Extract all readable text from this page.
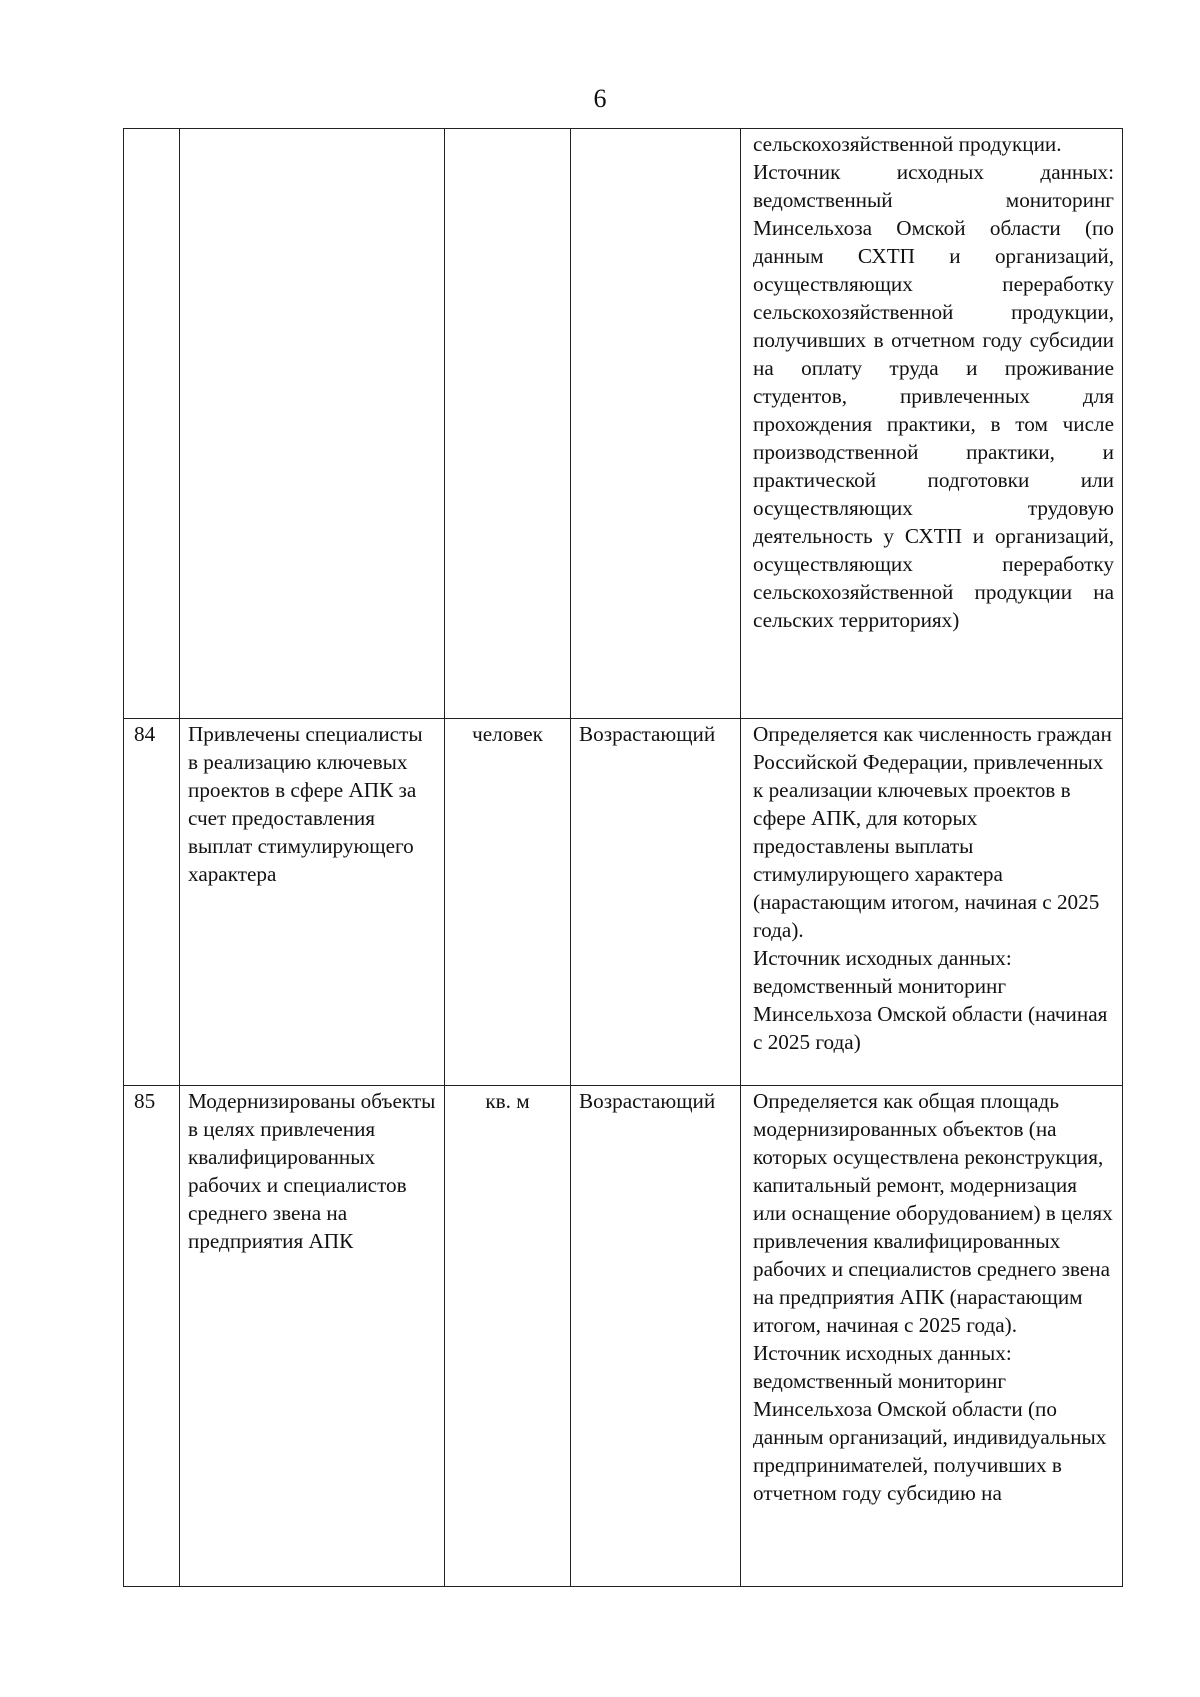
6

				сельскохозяйственной продукции.
Источник исходных данных: ведомственный мониторинг Минсельхоза Омской области (по данным СХТП и организаций, осуществляющих переработку сельскохозяйственной продукции, получивших в отчетном году субсидии на оплату труда и проживание студентов, привлеченных для прохождения практики, в том числе производственной практики, и практической подготовки или осуществляющих трудовую деятельность у СХТП и организаций, осуществляющих переработку сельскохозяйственной продукции на сельских территориях)

84	Привлечены специалисты в реализацию ключевых проектов в сфере АПК за счет предоставления выплат стимулирующего характера	человек	Возрастающий	Определяется как численность граждан Российской Федерации, привлеченных к реализации ключевых проектов в сфере АПК, для которых предоставлены выплаты стимулирующего характера (нарастающим итогом, начиная с 2025 года).
Источник исходных данных: ведомственный мониторинг Минсельхоза Омской области (начиная с 2025 года)

85	Модернизированы объекты в целях привлечения квалифицированных рабочих и специалистов среднего звена на предприятия АПК	кв. м	Возрастающий	Определяется как общая площадь модернизированных объектов (на которых осуществлена реконструкция, капитальный ремонт, модернизация или оснащение оборудованием) в целях привлечения квалифицированных рабочих и специалистов среднего звена на предприятия АПК (нарастающим итогом, начиная с 2025 года).
Источник исходных данных: ведомственный мониторинг Минсельхоза Омской области (по данным организаций, индивидуальных предпринимателей, получивших в отчетном году субсидию на
